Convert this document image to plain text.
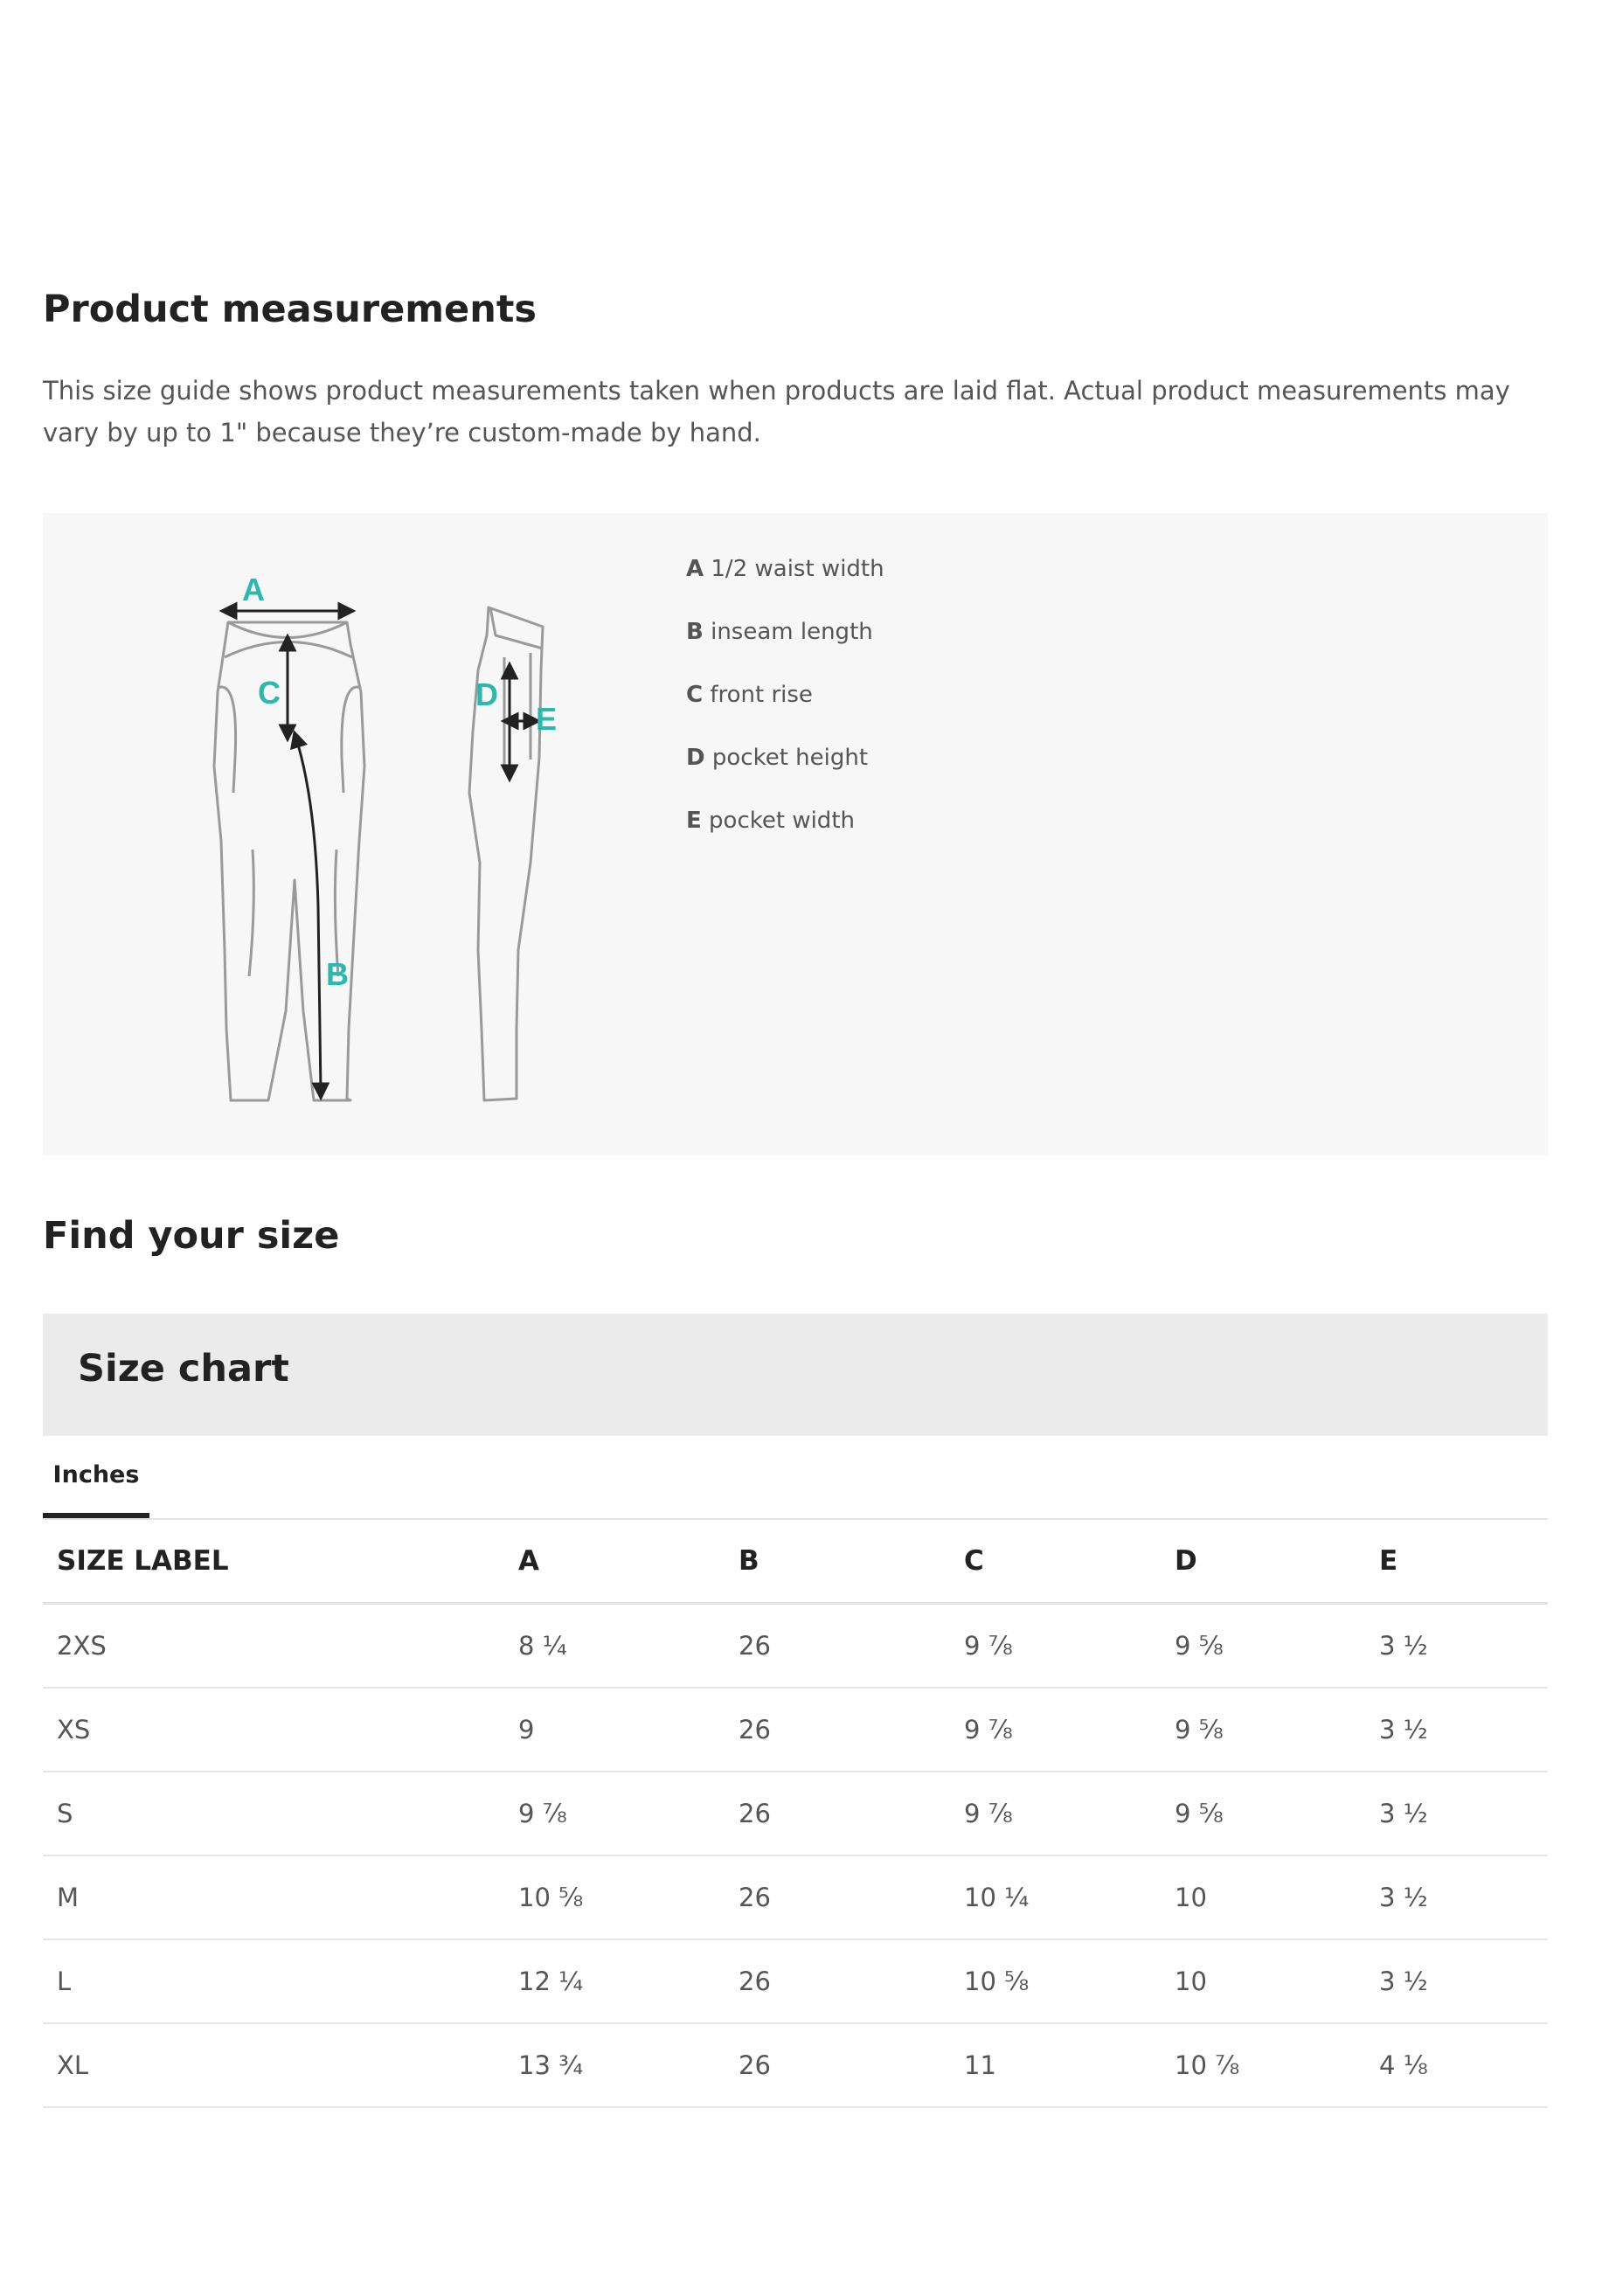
Product measurements

This size guide shows product measurements taken when products are laid flat. Actual product measurements may vary by up to 1" because they’re custom-made by hand.

A
B
C	D
E
A 1/2 waist width
B inseam length
C front rise
D pocket height
E pocket width
Find your size
Size chart
Inches
SIZE LABEL	A	B	C	D	E
2XS	8 ¼	26	9 ⅞	9 ⅝	3 ½
XS	9	26	9 ⅞	9 ⅝	3 ½
S	9 ⅞	26	9 ⅞	9 ⅝	3 ½
M	10 ⅝	26	10 ¼	10	3 ½
L	12 ¼	26	10 ⅝	10	3 ½
XL	13 ¾	26	11	10 ⅞	4 ⅛
